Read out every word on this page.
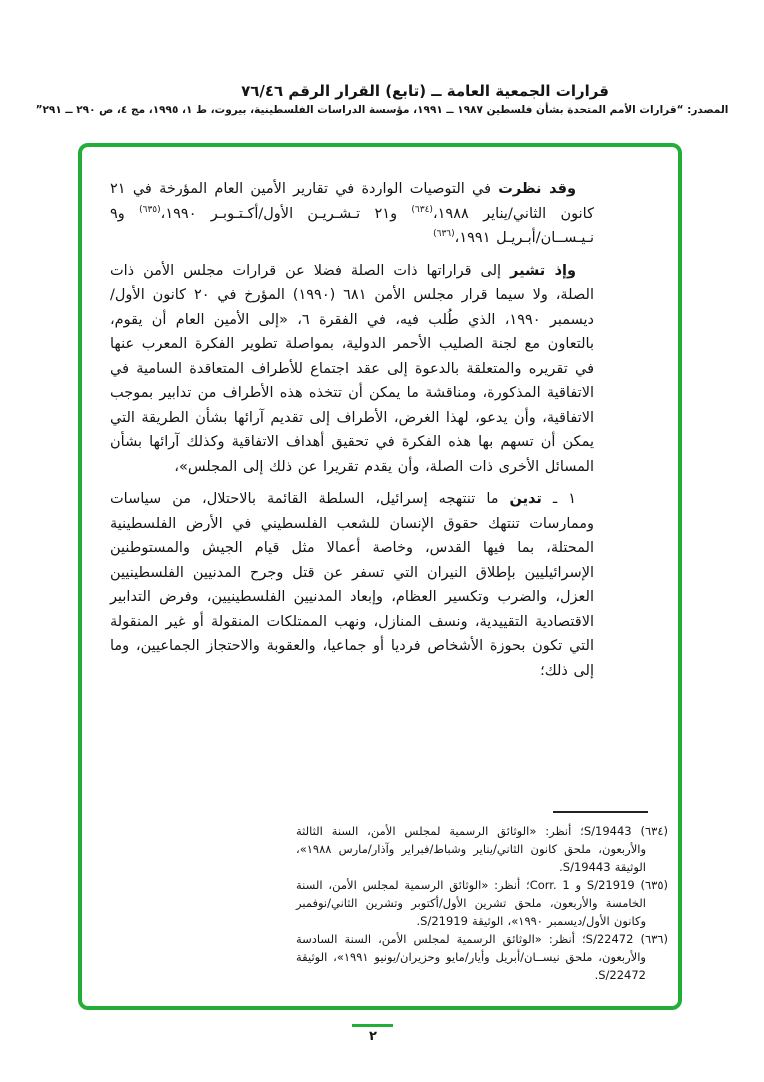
قرارات الجمعية العامة ــ (تابع) القرار الرقم ٧٦/٤٦
المصدر: “قرارات الأمم المتحدة بشأن فلسطين ١٩٨٧ ــ ١٩٩١، مؤسسة الدراسات الفلسطينية، بيروت، ط ١، ١٩٩٥، مج ٤، ص ٢٩٠ ــ ٢٩١”

وقد نظرت في التوصيات الواردة في تقارير الأمين العام المؤرخة في ٢١ كانون الثاني/يناير ١٩٨٨،$^{(٦٣٤)}$ و٢١ تـشـريـن الأول/أكـتـوبـر ١٩٩٠،$^{(٦٣٥)}$ و٩ نـيـســان/أبـريـل ١٩٩١،$^{(٦٣٦)}$

وإذ تشير إلى قراراتها ذات الصلة فضلا عن قرارات مجلس الأمن ذات الصلة، ولا سيما قرار مجلس الأمن ٦٨١ (١٩٩٠) المؤرخ في ٢٠ كانون الأول/ديسمبر ١٩٩٠، الذي طُلب فيه، في الفقرة ٦، «إلى الأمين العام أن يقوم، بالتعاون مع لجنة الصليب الأحمر الدولية، بمواصلة تطوير الفكرة المعرب عنها في تقريره والمتعلقة بالدعوة إلى عقد اجتماع للأطراف المتعاقدة السامية في الاتفاقية المذكورة، ومناقشة ما يمكن أن تتخذه هذه الأطراف من تدابير بموجب الاتفاقية، وأن يدعو، لهذا الغرض، الأطراف إلى تقديم آرائها بشأن الطريقة التي يمكن أن تسهم بها هذه الفكرة في تحقيق أهداف الاتفاقية وكذلك آرائها بشأن المسائل الأخرى ذات الصلة، وأن يقدم تقريرا عن ذلك إلى المجلس»،

١ ـ تدين ما تنتهجه إسرائيل، السلطة القائمة بالاحتلال، من سياسات وممارسات تنتهك حقوق الإنسان للشعب الفلسطيني في الأرض الفلسطينية المحتلة، بما فيها القدس، وخاصة أعمالا مثل قيام الجيش والمستوطنين الإسرائيليين بإطلاق النيران التي تسفر عن قتل وجرح المدنيين الفلسطينيين العزل، والضرب وتكسير العظام، وإبعاد المدنيين الفلسطينيين، وفرض التدابير الاقتصادية التقييدية، ونسف المنازل، ونهب الممتلكات المنقولة أو غير المنقولة التي تكون بحوزة الأشخاص فرديا أو جماعيا، والعقوبة والاحتجاز الجماعيين، وما إلى ذلك؛

(٦٣٤) S/19443؛ أنظر: «الوثائق الرسمية لمجلس الأمن، السنة الثالثة والأربعون، ملحق كانون الثاني/يناير وشباط/فبراير وآذار/مارس ١٩٨٨»، الوثيقة S/19443.
(٦٣٥) S/21919 و Corr. 1؛ أنظر: «الوثائق الرسمية لمجلس الأمن، السنة الخامسة والأربعون، ملحق تشرين الأول/أكتوبر وتشرين الثاني/نوفمبر وكانون الأول/ديسمبر ١٩٩٠»، الوثيقة S/21919.
(٦٣٦) S/22472؛ أنظر: «الوثائق الرسمية لمجلس الأمن، السنة السادسة والأربعون، ملحق نيســان/أبريل وأيار/مايو وحزيران/يونيو ١٩٩١»، الوثيقة S/22472.
٢
